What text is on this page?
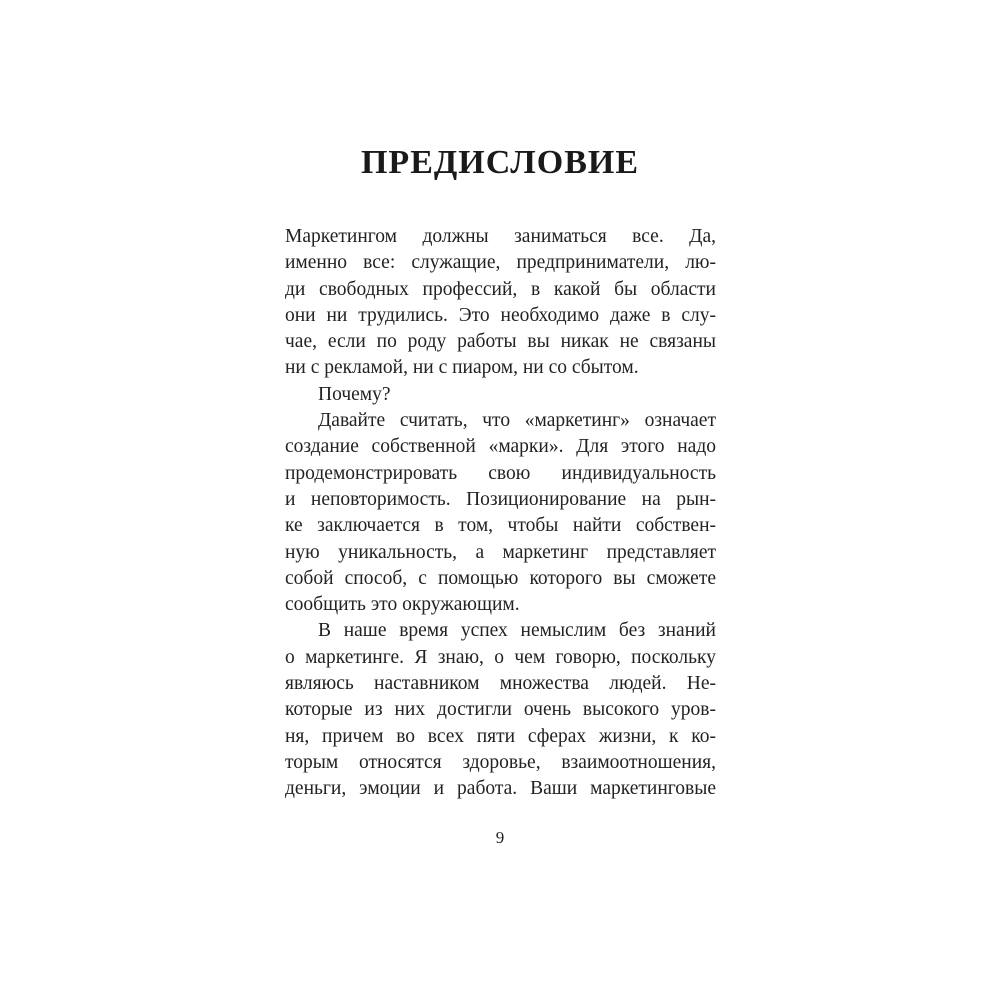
ПРЕДИСЛОВИЕ
Маркетингом должны заниматься все. Да,
именно все: служащие, предприниматели, лю-
ди свободных профессий, в какой бы области
они ни трудились. Это необходимо даже в слу-
чае, если по роду работы вы никак не связаны
ни с рекламой, ни с пиаром, ни со сбытом.
Почему?
Давайте считать, что «маркетинг» означает
создание собственной «марки». Для этого надо
продемонстрировать свою индивидуальность
и неповторимость. Позиционирование на рын-
ке заключается в том, чтобы найти собствен-
ную уникальность, а маркетинг представляет
собой способ, с помощью которого вы сможете
сообщить это окружающим.
В наше время успех немыслим без знаний
о маркетинге. Я знаю, о чем говорю, поскольку
являюсь наставником множества людей. Не-
которые из них достигли очень высокого уров-
ня, причем во всех пяти сферах жизни, к ко-
торым относятся здоровье, взаимоотношения,
деньги, эмоции и работа. Ваши маркетинговые
9
